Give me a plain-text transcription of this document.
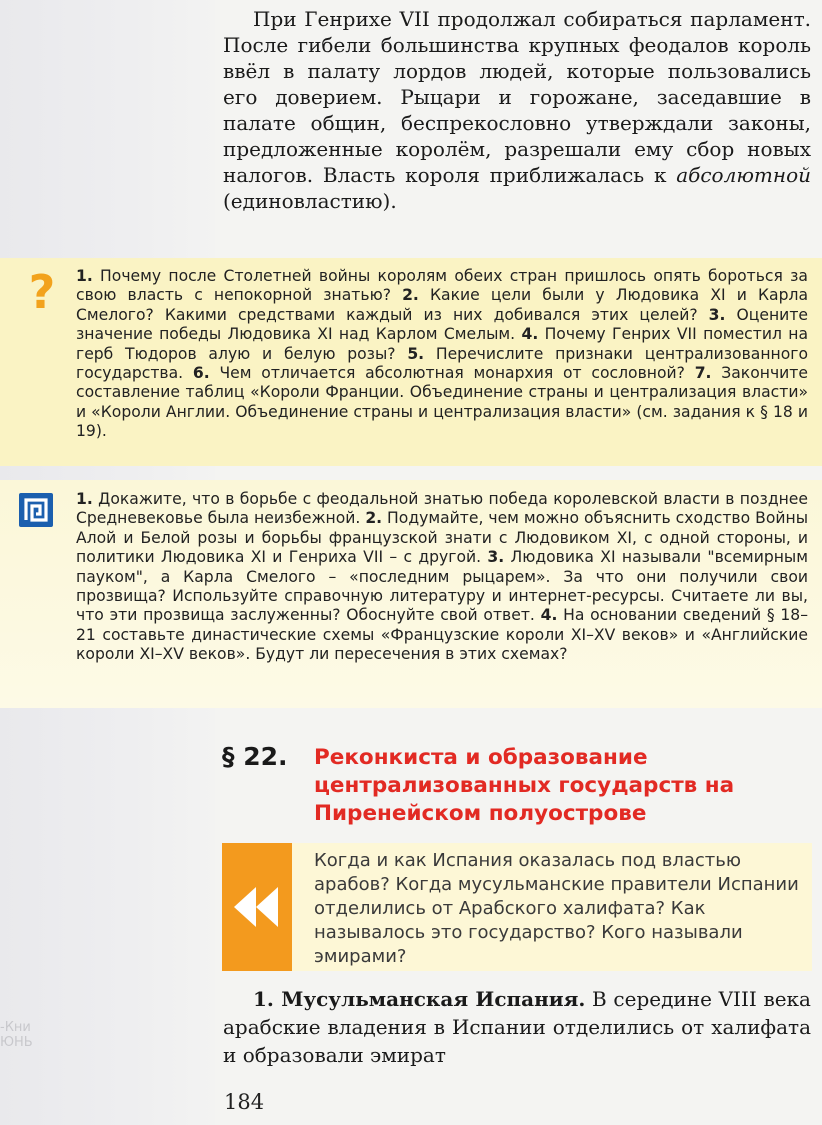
-Кни
ЮНЬ

При Генрихе VII продолжал собираться парламент. После гибели большинства крупных феодалов король ввёл в палату лордов людей, которые пользовались его доверием. Рыцари и горожане, заседавшие в палате общин, беспрекословно утверждали законы, предложенные королём, разрешали ему сбор новых налогов. Власть короля приближалась к абсолютной (единовластию).

?	1. Почему после Столетней войны королям обеих стран пришлось опять бороться за свою власть с непокорной знатью? 2. Какие цели были у Людовика XI и Карла Смелого? Какими средствами каждый из них добивался этих целей? 3. Оцените значение победы Людовика XI над Карлом Смелым. 4. Почему Генрих VII поместил на герб Тюдоров алую и белую розы? 5. Перечислите признаки централизованного государства. 6. Чем отличается абсолютная монархия от сословной? 7. Закончите составление таблиц «Короли Франции. Объединение страны и централизация власти» и «Короли Англии. Объединение страны и централизация власти» (см. задания к § 18 и 19).
1. Докажите, что в борьбе с феодальной знатью победа королевской власти в позднее Средневековье была неизбежной. 2. Подумайте, чем можно объяснить сходство Войны Алой и Белой розы и борьбы французской знати с Людовиком XI, с одной стороны, и политики Людовика XI и Генриха VII – с другой. 3. Людовика XI называли "всемирным пауком", а Карла Смелого – «последним рыцарем». За что они получили свои прозвища? Используйте справочную литературу и интернет-ресурсы. Считаете ли вы, что эти прозвища заслуженны? Обоснуйте свой ответ. 4. На основании сведений § 18–21 составьте династические схемы «Французские короли XI–XV веков» и «Английские короли XI–XV веков». Будут ли пересечения в этих схемах?
§ 22. Реконкиста и образование централизованных государств на Пиренейском полуострове
Когда и как Испания оказалась под властью арабов? Когда мусульманские правители Испании отделились от Арабского халифата? Как называлось это государство? Кого называли эмирами?

1. Мусульманская Испания. В середине VIII века арабские владения в Испании отделились от халифата и образовали эмират

184
